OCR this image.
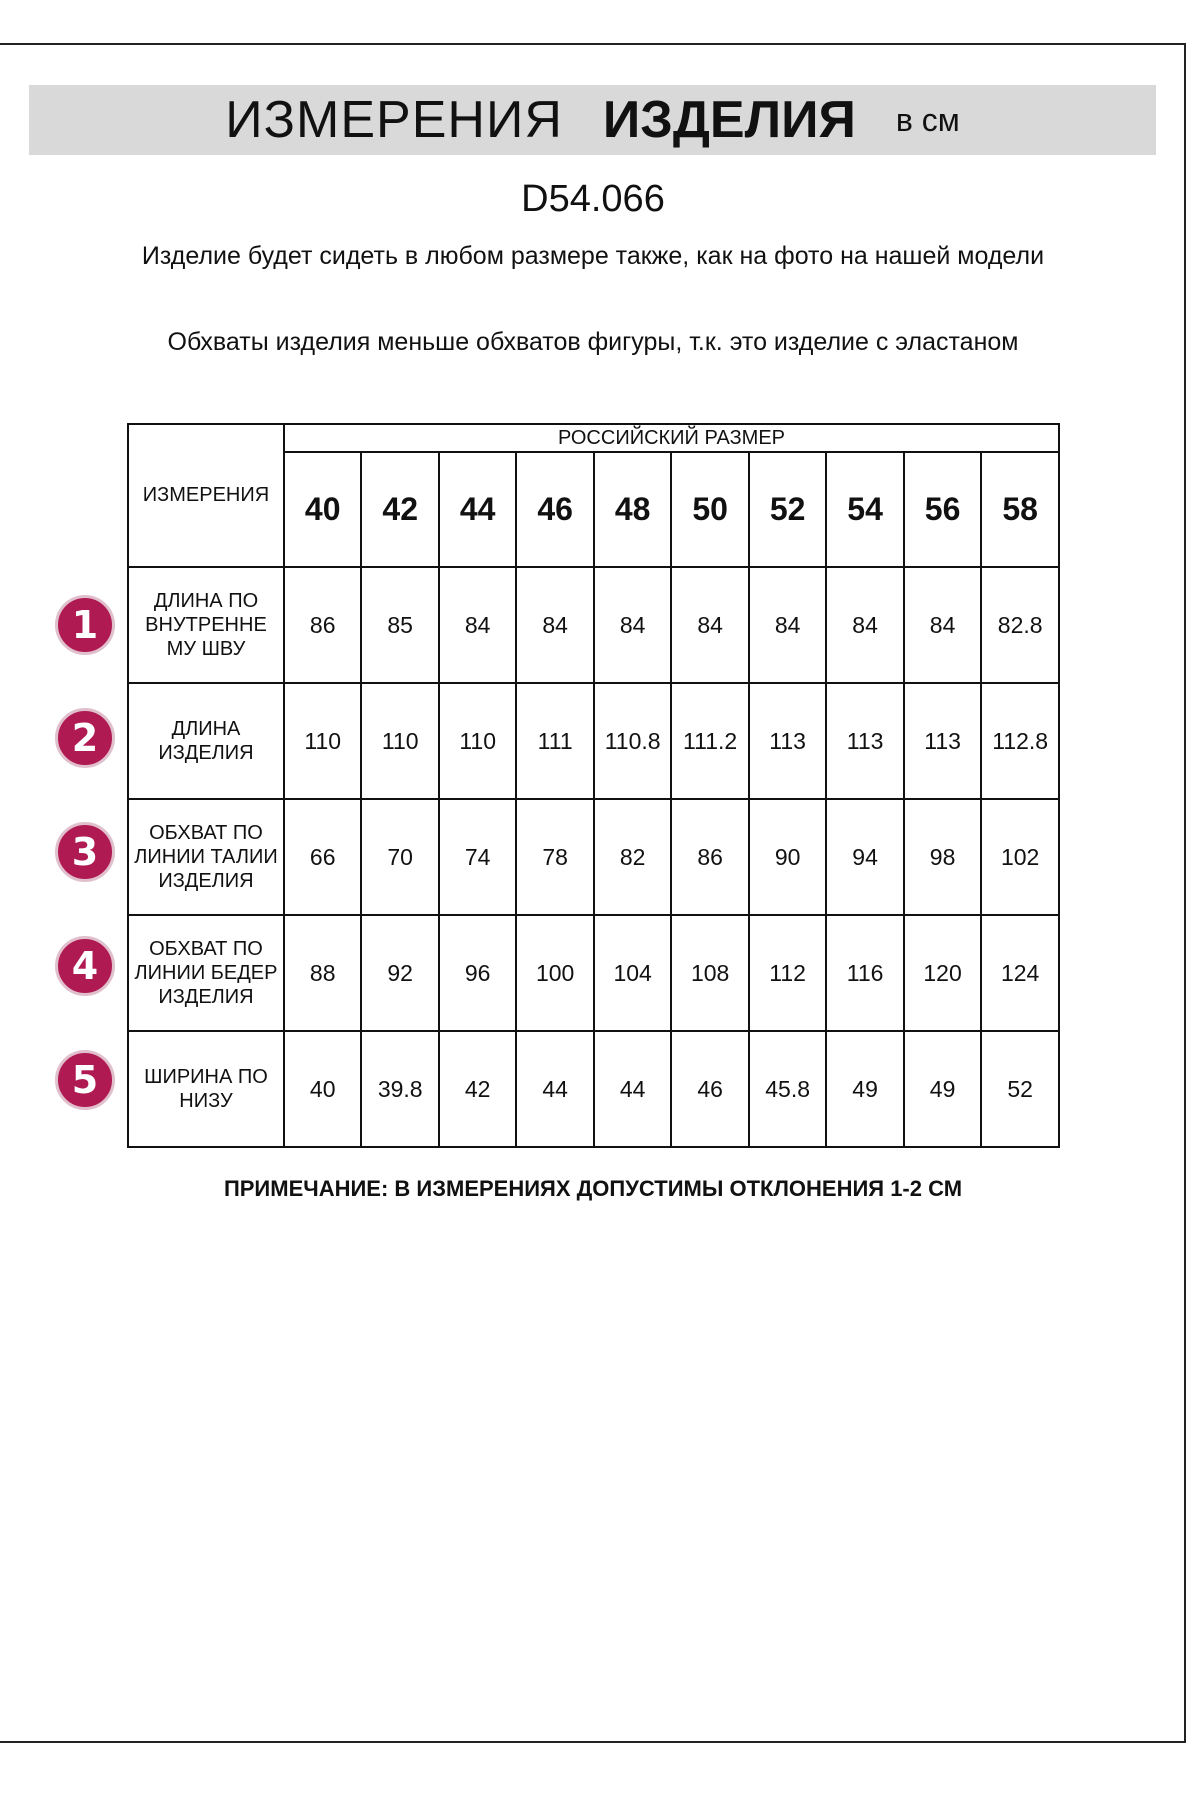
ИЗМЕРЕНИЯ ИЗДЕЛИЯ в см
D54.066
Изделие будет сидеть в любом размере также, как на фото на нашей модели
Обхваты изделия меньше обхватов фигуры, т.к. это изделие с эластаном
ИЗМЕРЕНИЯ	РОССИЙСКИЙ РАЗМЕР									
	40	42	44	46	48	50	52	54	56	58
ДЛИНА ПО ВНУТРЕННЕ МУ ШВУ	86	85	84	84	84	84	84	84	84	82.8
ДЛИНА ИЗДЕЛИЯ	110	110	110	111	110.8	111.2	113	113	113	112.8
ОБХВАТ ПО ЛИНИИ ТАЛИИ ИЗДЕЛИЯ	66	70	74	78	82	86	90	94	98	102
ОБХВАТ ПО ЛИНИИ БЕДЕР ИЗДЕЛИЯ	88	92	96	100	104	108	112	116	120	124
ШИРИНА ПО НИЗУ	40	39.8	42	44	44	46	45.8	49	49	52
1
2
3
4
5
ПРИМЕЧАНИЕ: В ИЗМЕРЕНИЯХ ДОПУСТИМЫ ОТКЛОНЕНИЯ 1-2 СМ
